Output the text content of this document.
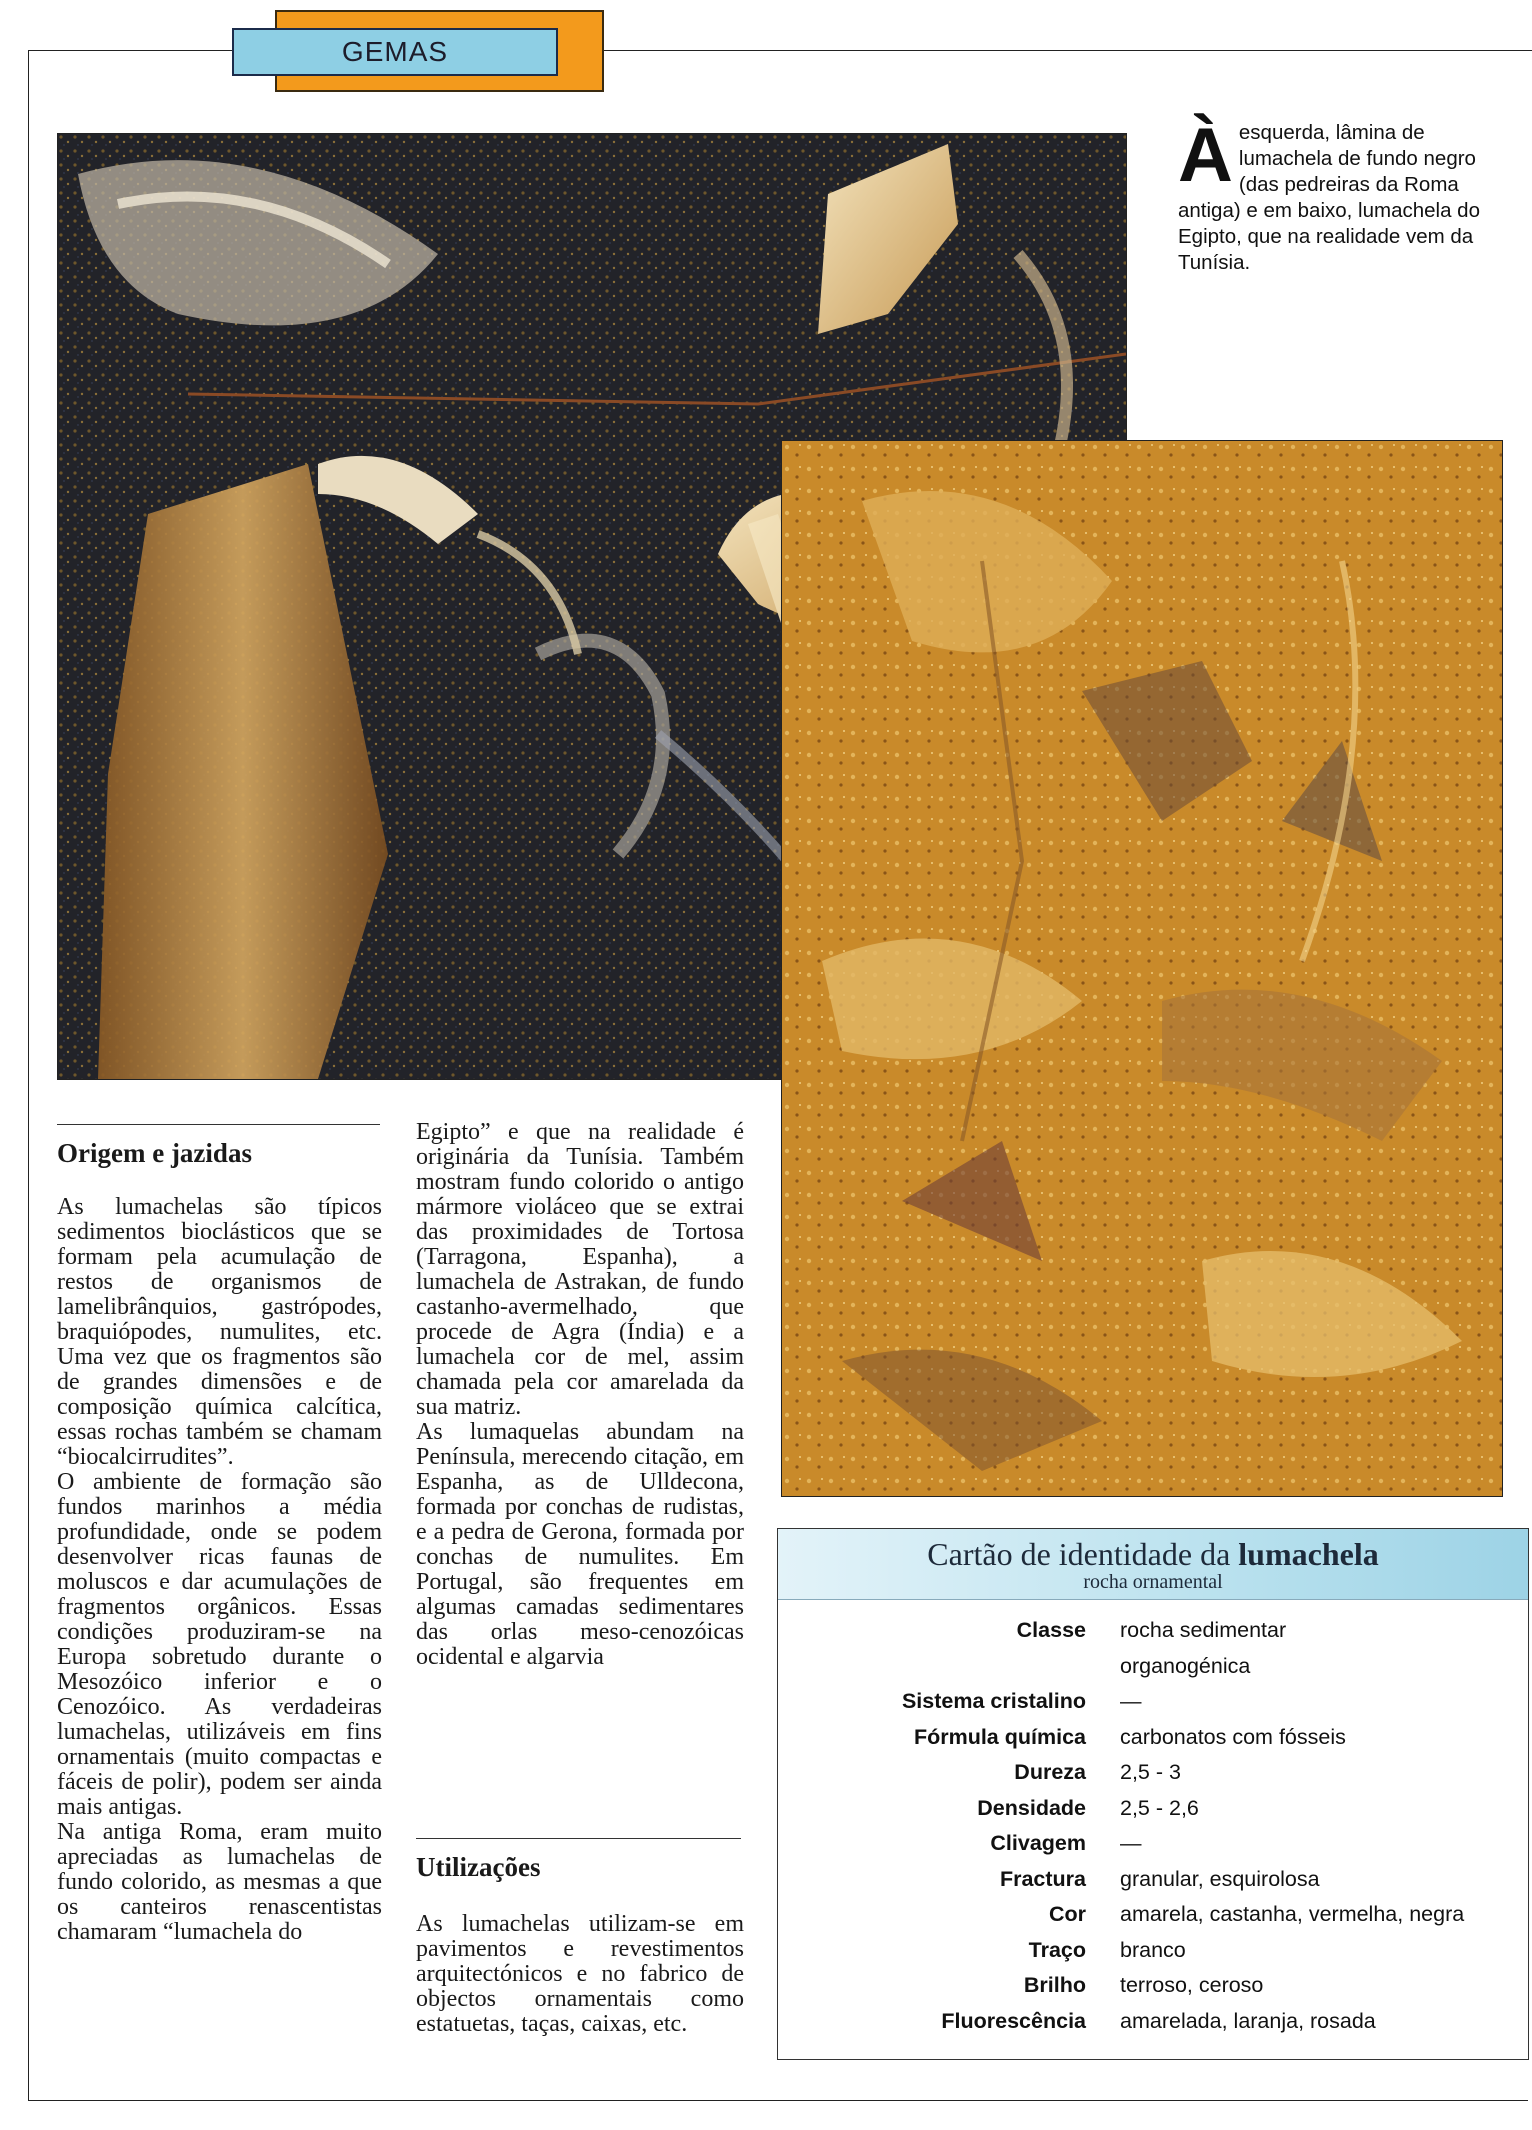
GEMAS
Àesquerda, lâmina de lumachela de fundo negro (das pedreiras da Roma antiga) e em baixo, lumachela do Egipto, que na realidade vem da Tunísia.
Origem e jazidas

As lumachelas são típicos sedimentos bioclásticos que se formam pela acumulação de restos de organismos de lamelibrânquios, gastrópodes, braquiópodes, numulites, etc. Uma vez que os fragmentos são de grandes dimensões e de composição química calcítica, essas rochas também se chamam “biocalcirrudites”.

O ambiente de formação são fundos marinhos a média profundidade, onde se podem desenvolver ricas faunas de moluscos e dar acumulações de fragmentos orgânicos. Essas condições produziram-se na Europa sobretudo durante o Mesozóico inferior e o Cenozóico. As verdadeiras lumachelas, utilizáveis em fins ornamentais (muito compactas e fáceis de polir), podem ser ainda mais antigas.

Na antiga Roma, eram muito apreciadas as lumachelas de fundo colorido, as mesmas a que os canteiros renascentistas chamaram “lumachela do

Egipto” e que na realidade é originária da Tunísia. Também mostram fundo colorido o antigo mármore violáceo que se extrai das proximidades de Tortosa (Tarragona, Espanha), a lumachela de Astrakan, de fundo castanho-avermelhado, que procede de Agra (Índia) e a lumachela cor de mel, assim chamada pela cor amarelada da sua matriz.

As lumaquelas abundam na Península, merecendo citação, em Espanha, as de Ulldecona, formada por conchas de rudistas, e a pedra de Gerona, formada por conchas de numulites. Em Portugal, são frequentes em algumas camadas sedimentares das orlas meso-cenozóicas ocidental e algarvia

Utilizações

As lumachelas utilizam-se em pavimentos e revestimentos arquitectónicos e no fabrico de objectos ornamentais como estatuetas, taças, caixas, etc.

Cartão de identidade da lumachela
rocha ornamental
Classe rocha sedimentar
organogénica
Sistema cristalino —
Fórmula química carbonatos com fósseis
Dureza 2,5 - 3
Densidade 2,5 - 2,6
Clivagem —
Fractura granular, esquirolosa
Cor amarela, castanha, vermelha, negra
Traço branco
Brilho terroso, ceroso
Fluorescência amarelada, laranja, rosada
